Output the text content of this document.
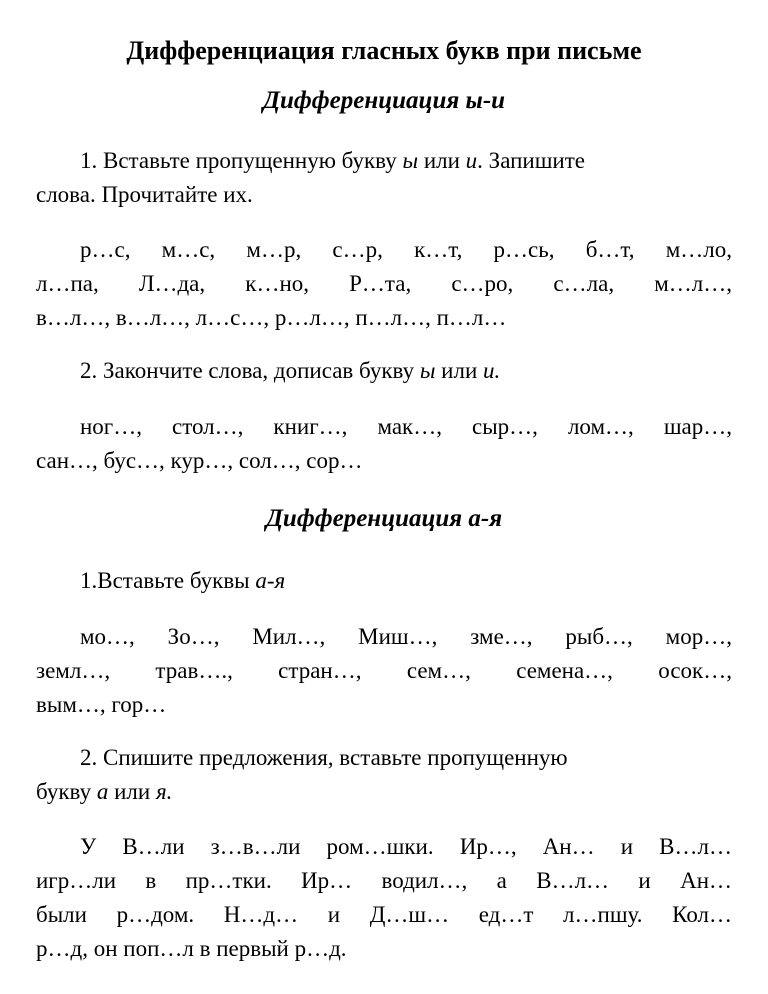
Дифференциация гласных букв при письме
Дифференциация ы-и
1. Вставьте пропущенную букву ы или и. Запишите
слова. Прочитайте их.
р…с, м…с, м…р, с…р, к…т, р…сь, б…т, м…ло,
л…па, Л…да, к…но, Р…та, с…ро, с…ла, м…л…,
в…л…, в…л…, л…с…, р…л…, п…л…, п…л…
2. Закончите слова, дописав букву ы или и.
ног…, стол…, книг…, мак…, сыр…, лом…, шар…,
сан…, бус…, кур…, сол…, сор…
Дифференциация а-я
1.Вставьте буквы а-я
мо…, Зо…, Мил…, Миш…, зме…, рыб…, мор…,
земл…, трав…., стран…, сем…, семена…, осок…,
вым…, гор…
2. Спишите предложения, вставьте пропущенную
букву а или я.
У В…ли з…в…ли ром…шки. Ир…, Ан… и В…л…
игр…ли в пр…тки. Ир… водил…, а В…л… и Ан…
были р…дом. Н…д… и Д…ш… ед…т л…пшу. Кол…
р…д, он поп…л в первый р…д.
